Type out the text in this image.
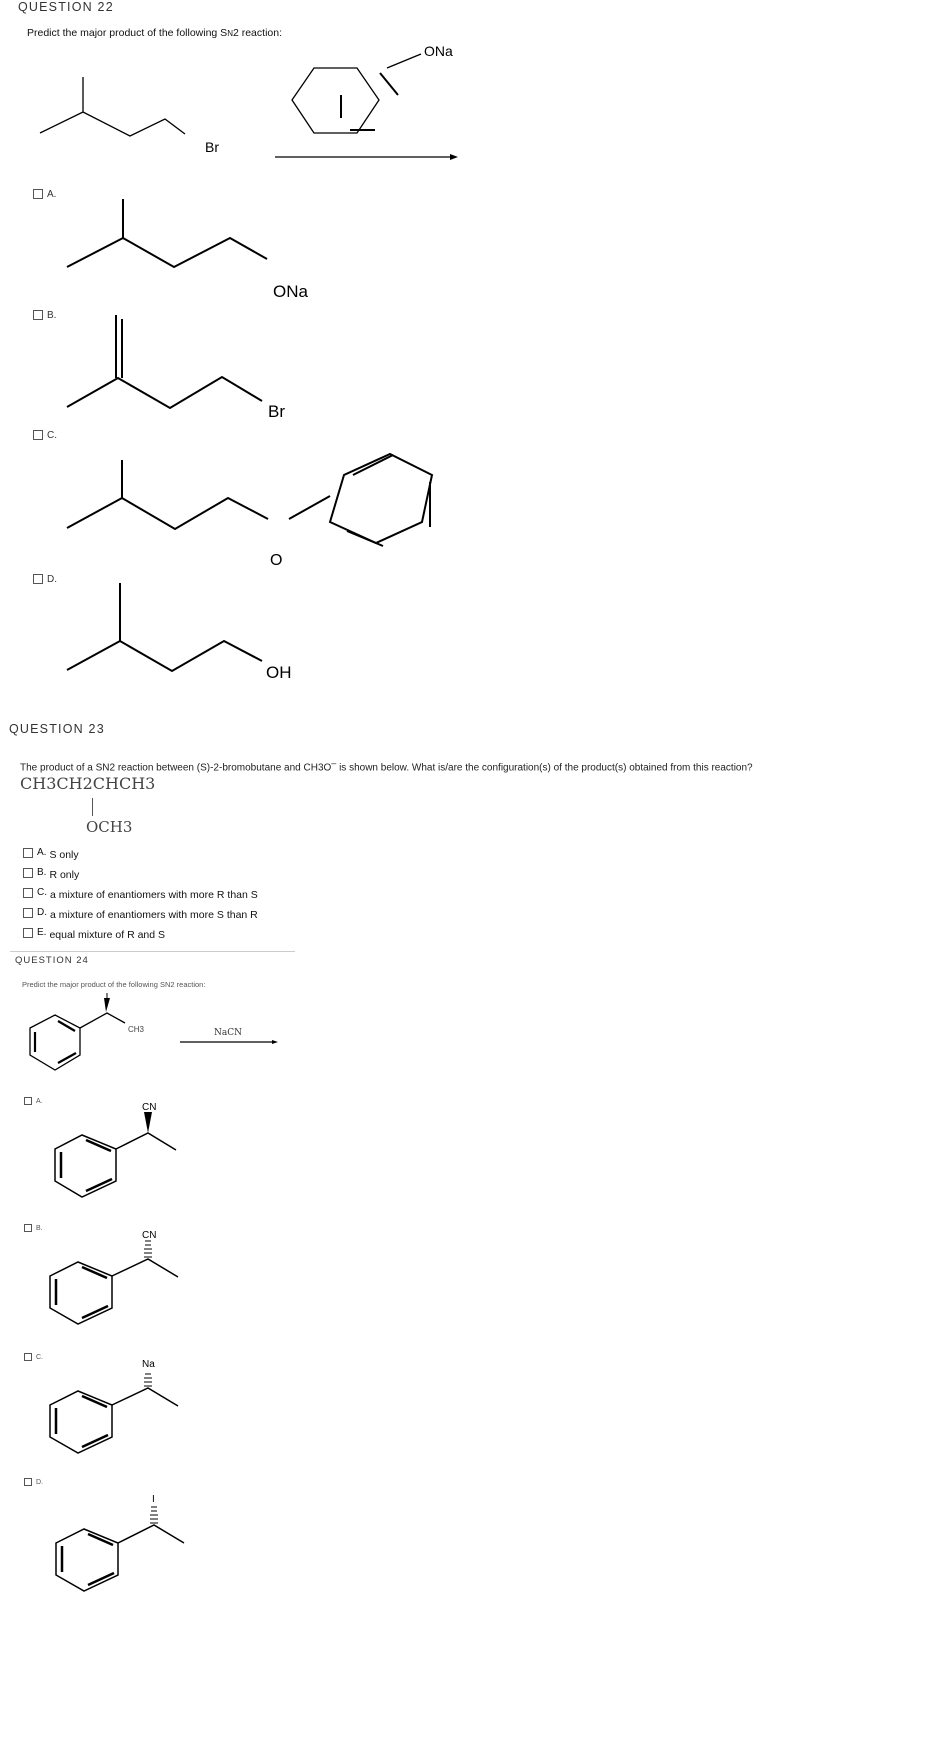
QUESTION 22
Predict the major product of the following SN2 reaction:
Br
ONa
A.
ONa
B.
Br
C.
O
D.
OH
QUESTION 23
The product of a SN2 reaction between (S)-2-bromobutane and CH3O– is shown below. What is/are the configuration(s) of the product(s) obtained from this reaction?
CH3CH2CHCH3
OCH3
A. S only
B. R only
C. a mixture of enantiomers with more R than S
D. a mixture of enantiomers with more S than R
E. equal mixture of R and S
QUESTION 24
Predict the major product of the following SN2 reaction:
CH3	NaCN
A.
CN
B.
CN
C.
Na
D.
I
